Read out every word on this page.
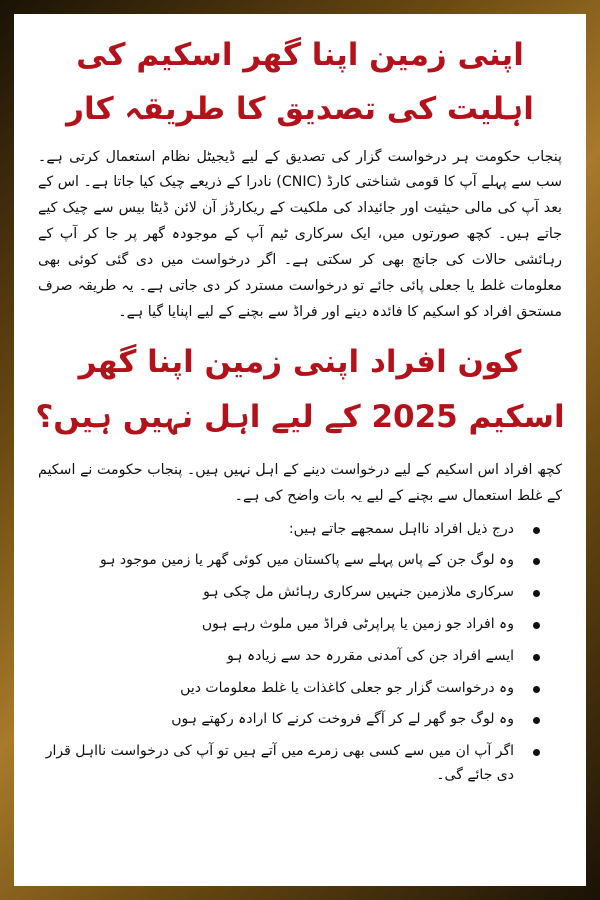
اپنی زمین اپنا گھر اسکیم کی اہلیت کی تصدیق کا طریقہ کار

پنجاب حکومت ہر درخواست گزار کی تصدیق کے لیے ڈیجیٹل نظام استعمال کرتی ہے۔ سب سے پہلے آپ کا قومی شناختی کارڈ (CNIC) نادرا کے ذریعے چیک کیا جاتا ہے۔ اس کے بعد آپ کی مالی حیثیت اور جائیداد کی ملکیت کے ریکارڈز آن لائن ڈیٹا بیس سے چیک کیے جاتے ہیں۔ کچھ صورتوں میں، ایک سرکاری ٹیم آپ کے موجودہ گھر پر جا کر آپ کے رہائشی حالات کی جانچ بھی کر سکتی ہے۔ اگر درخواست میں دی گئی کوئی بھی معلومات غلط یا جعلی پائی جائے تو درخواست مسترد کر دی جاتی ہے۔ یہ طریقہ صرف مستحق افراد کو اسکیم کا فائدہ دینے اور فراڈ سے بچنے کے لیے اپنایا گیا ہے۔

کون افراد اپنی زمین اپنا گھر اسکیم 2025 کے لیے اہل نہیں ہیں؟

کچھ افراد اس اسکیم کے لیے درخواست دینے کے اہل نہیں ہیں۔ پنجاب حکومت نے اسکیم کے غلط استعمال سے بچنے کے لیے یہ بات واضح کی ہے۔

درج ذیل افراد نااہل سمجھے جاتے ہیں:
وہ لوگ جن کے پاس پہلے سے پاکستان میں کوئی گھر یا زمین موجود ہو
سرکاری ملازمین جنہیں سرکاری رہائش مل چکی ہو
وہ افراد جو زمین یا پراپرٹی فراڈ میں ملوث رہے ہوں
ایسے افراد جن کی آمدنی مقررہ حد سے زیادہ ہو
وہ درخواست گزار جو جعلی کاغذات یا غلط معلومات دیں
وہ لوگ جو گھر لے کر آگے فروخت کرنے کا ارادہ رکھتے ہوں
اگر آپ ان میں سے کسی بھی زمرے میں آتے ہیں تو آپ کی درخواست نااہل قرار دی جائے گی۔
